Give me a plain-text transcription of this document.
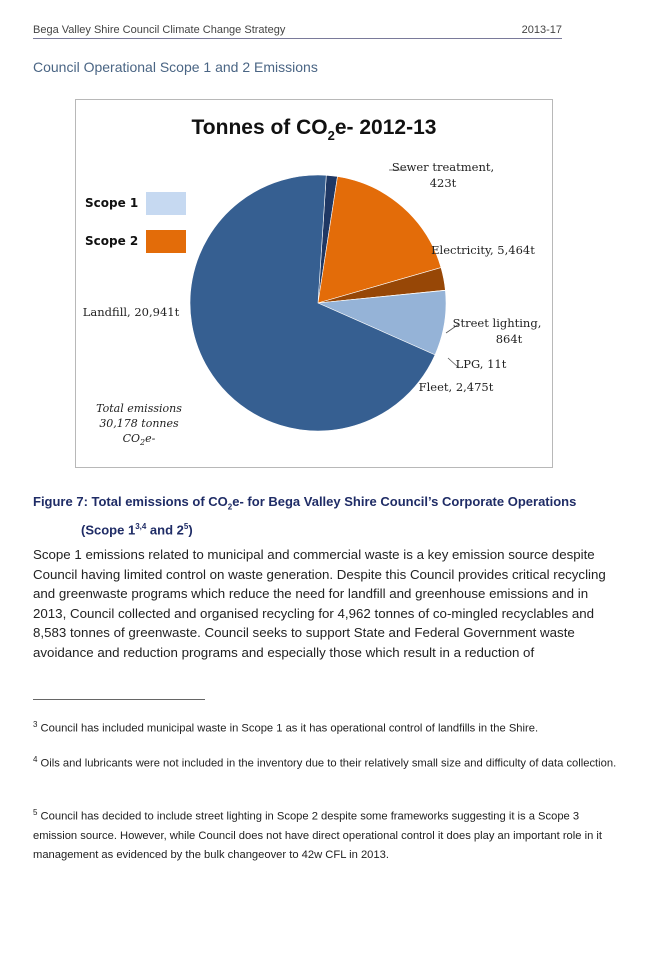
Bega Valley Shire Council Climate Change Strategy	2013-17
Council Operational Scope 1 and 2 Emissions
Tonnes of $CO_2e-$ 2012-13
Sewer treatment,
423t
Electricity, 5,464t
Street lighting,
864t
LPG, 11t
Fleet, 2,475t
Landfill, 20,941t
Scope 1
Scope 2
Total emissions
30,178 tonnes
$CO_2e-$
Figure 7: Total emissions of $CO_2e-$ for Bega Valley Shire Council’s Corporate Operations
(Scope 1$^{3,4}$ and $2^5$)

Scope 1 emissions related to municipal and commercial waste is a key emission source despite Council having limited control on waste generation. Despite this Council provides critical recycling and greenwaste programs which reduce the need for landfill and greenhouse emissions and in 2013, Council collected and organised recycling for 4,962 tonnes of co-mingled recyclables and 8,583 tonnes of greenwaste. Council seeks to support State and Federal Government waste avoidance and reduction programs and especially those which result in a reduction of

$^3$ Council has included municipal waste in Scope 1 as it has operational control of landfills in the Shire.

$^4$ Oils and lubricants were not included in the inventory due to their relatively small size and difficulty of data collection.

$^5$ Council has decided to include street lighting in Scope 2 despite some frameworks suggesting it is a Scope 3 emission source. However, while Council does not have direct operational control it does play an important role in it management as evidenced by the bulk changeover to 42w CFL in 2013.
